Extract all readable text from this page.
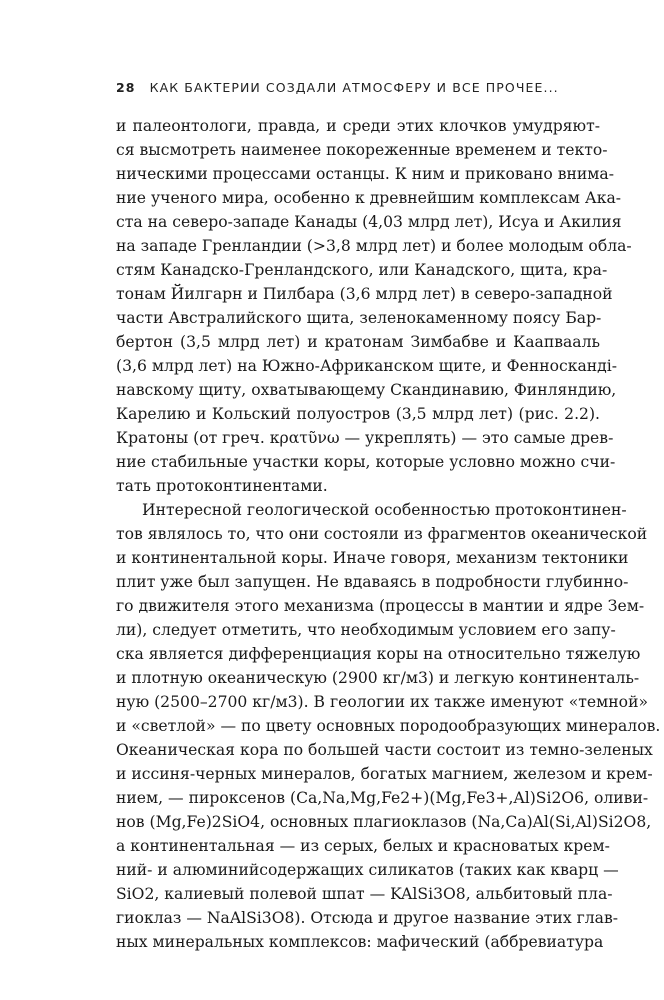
28 КАК БАКТЕРИИ СОЗДАЛИ АТМОСФЕРУ И ВСЕ ПРОЧЕЕ...
и палеонтологи, правда, и среди этих клочков умудряют-
ся высмотреть наименее покореженные временем и текто-
ническими процессами останцы. К ним и приковано внима-
ние ученого мира, особенно к древнейшим комплексам Ака-
ста на северо-западе Канады (4,03 млрд лет), Исуа и Акилия
на западе Гренландии (>3,8 млрд лет) и более молодым обла-
стям Канадско-Гренландского, или Канадского, щита, кра-
тонам Йилгарн и Пилбара (3,6 млрд лет) в северо-западной
части Австралийского щита, зеленокаменному поясу Бар-
бертон (3,5 млрд лет) и кратонам Зимбабве и Каапвааль
(3,6 млрд лет) на Южно-Африканском щите, и Фенноскандi-
навскому щиту, охватывающему Скандинавию, Финляндию,
Карелию и Кольский полуостров (3,5 млрд лет) (рис. 2.2).
Кратоны (от греч. κρατῦνω — укреплять) — это самые древ-
ние стабильные участки коры, которые условно можно счи-
тать протоконтинентами.
Интересной геологической особенностью протоконтинен-
тов являлось то, что они состояли из фрагментов океанической
и континентальной коры. Иначе говоря, механизм тектоники
плит уже был запущен. Не вдаваясь в подробности глубинно-
го движителя этого механизма (процессы в мантии и ядре Зем-
ли), следует отметить, что необходимым условием его запу-
ска является дифференциация коры на относительно тяжелую
и плотную океаническую (2900 кг/м3) и легкую континенталь-
ную (2500–2700 кг/м3). В геологии их также именуют «темной»
и «светлой» — по цвету основных породообразующих минералов.
Океаническая кора по большей части состоит из темно-зеленых
и иссиня-черных минералов, богатых магнием, железом и крем-
нием, — пироксенов (Ca,Na,Mg,Fe2+)(Mg,Fe3+,Al)Si2O6, оливи-
нов (Mg,Fe)2SiO4, основных плагиоклазов (Na,Ca)Al(Si,Al)Si2O8,
а континентальная — из серых, белых и красноватых крем-
ний- и алюминийсодержащих силикатов (таких как кварц —
SiO2, калиевый полевой шпат — KAlSi3O8, альбитовый пла-
гиоклаз — NaAlSi3O8). Отсюда и другое название этих глав-
ных минеральных комплексов: мафический (аббревиатура
